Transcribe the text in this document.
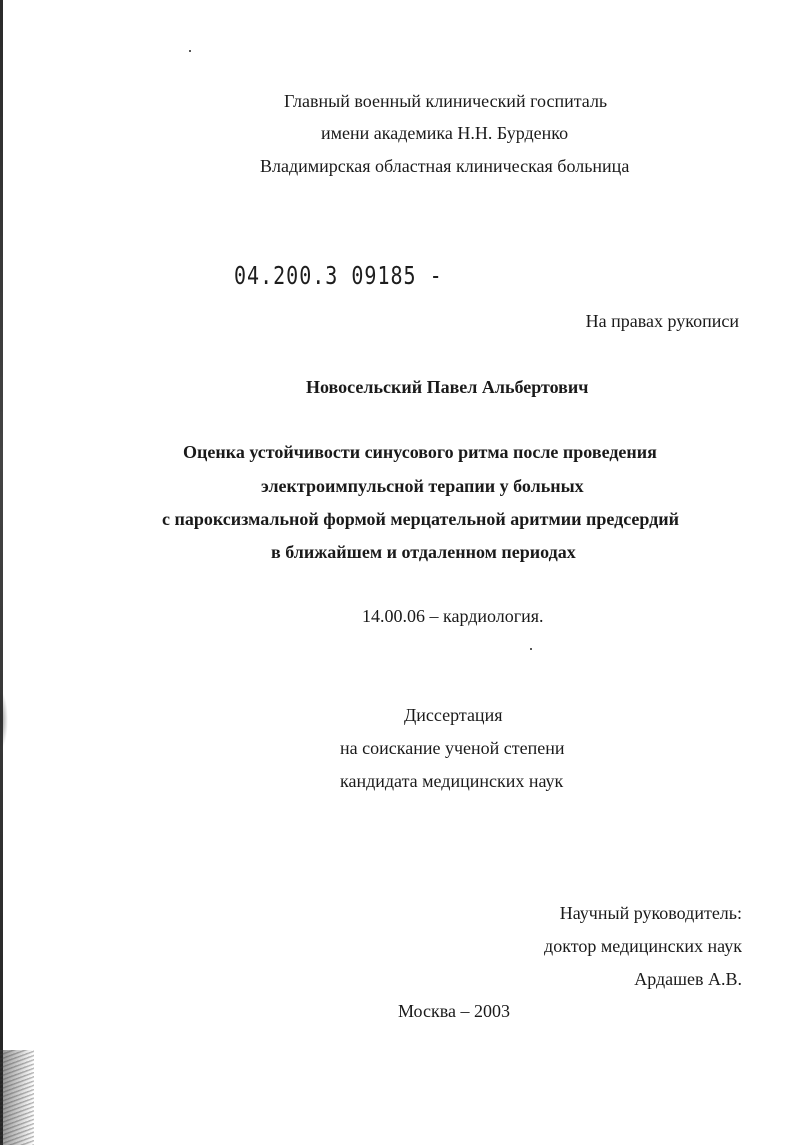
Главный военный клинический госпиталь
имени академика Н.Н. Бурденко
Владимирская областная клиническая больница
04.200.3 09185 -
На правах рукописи
Новосельский Павел Альбертович
Оценка устойчивости синусового ритма после проведения
электроимпульсной терапии у больных
с пароксизмальной формой мерцательной аритмии предсердий
в ближайшем и отдаленном периодах
14.00.06 – кардиология.
Диссертация
на соискание ученой степени
кандидата медицинских наук
Научный руководитель:
доктор медицинских наук
Ардашев А.В.
Москва – 2003
